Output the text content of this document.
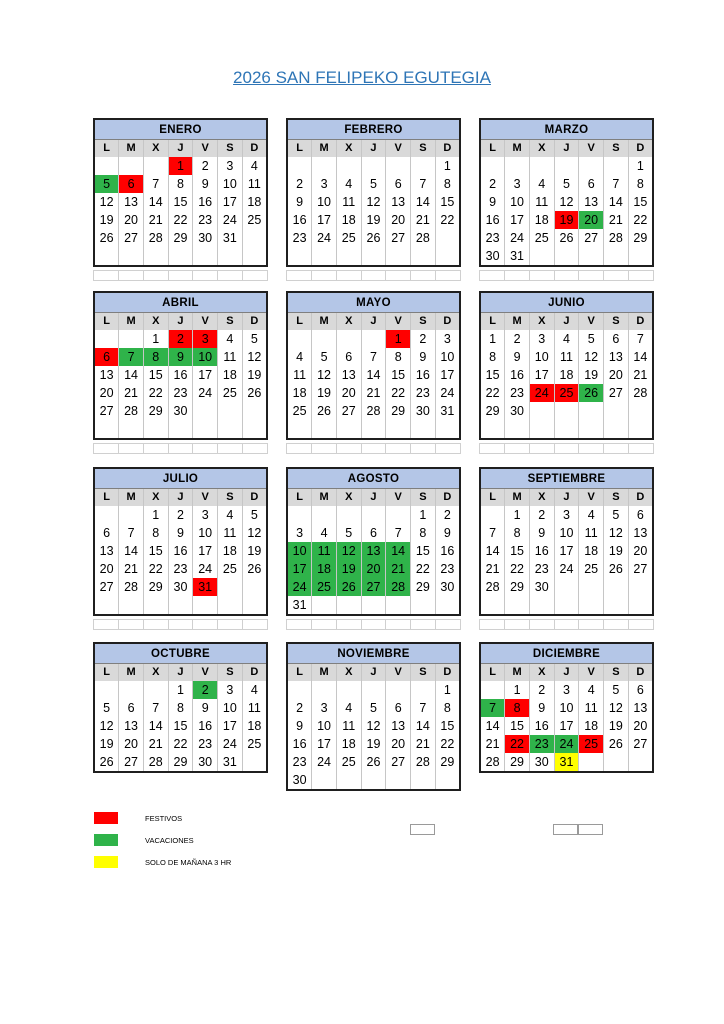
2026 SAN FELIPEKO EGUTEGIA
ENERO						
L	M	X	J	V	S	D
			1	2	3	4
5	6	7	8	9	10	11
12	13	14	15	16	17	18
19	20	21	22	23	24	25
26	27	28	29	30	31	

FEBRERO						
L	M	X	J	V	S	D
						1
2	3	4	5	6	7	8
9	10	11	12	13	14	15
16	17	18	19	20	21	22
23	24	25	26	27	28	

MARZO						
L	M	X	J	V	S	D
						1
2	3	4	5	6	7	8
9	10	11	12	13	14	15
16	17	18	19	20	21	22
23	24	25	26	27	28	29
30	31					
ABRIL						
L	M	X	J	V	S	D
		1	2	3	4	5
6	7	8	9	10	11	12
13	14	15	16	17	18	19
20	21	22	23	24	25	26
27	28	29	30			

MAYO						
L	M	X	J	V	S	D
				1	2	3
4	5	6	7	8	9	10
11	12	13	14	15	16	17
18	19	20	21	22	23	24
25	26	27	28	29	30	31

JUNIO						
L	M	X	J	V	S	D
1	2	3	4	5	6	7
8	9	10	11	12	13	14
15	16	17	18	19	20	21
22	23	24	25	26	27	28
29	30					

JULIO						
L	M	X	J	V	S	D
		1	2	3	4	5
6	7	8	9	10	11	12
13	14	15	16	17	18	19
20	21	22	23	24	25	26
27	28	29	30	31		

AGOSTO						
L	M	X	J	V	S	D
					1	2
3	4	5	6	7	8	9
10	11	12	13	14	15	16
17	18	19	20	21	22	23
24	25	26	27	28	29	30
31						
SEPTIEMBRE						
L	M	X	J	V	S	D
	1	2	3	4	5	6
7	8	9	10	11	12	13
14	15	16	17	18	19	20
21	22	23	24	25	26	27
28	29	30				

OCTUBRE						
L	M	X	J	V	S	D
			1	2	3	4
5	6	7	8	9	10	11
12	13	14	15	16	17	18
19	20	21	22	23	24	25
26	27	28	29	30	31	
NOVIEMBRE						
L	M	X	J	V	S	D
						1
2	3	4	5	6	7	8
9	10	11	12	13	14	15
16	17	18	19	20	21	22
23	24	25	26	27	28	29
30						
DICIEMBRE						
L	M	X	J	V	S	D
	1	2	3	4	5	6
7	8	9	10	11	12	13
14	15	16	17	18	19	20
21	22	23	24	25	26	27
28	29	30	31			
FESTIVOS
VACACIONES
SOLO DE MAÑANA 3 HR
